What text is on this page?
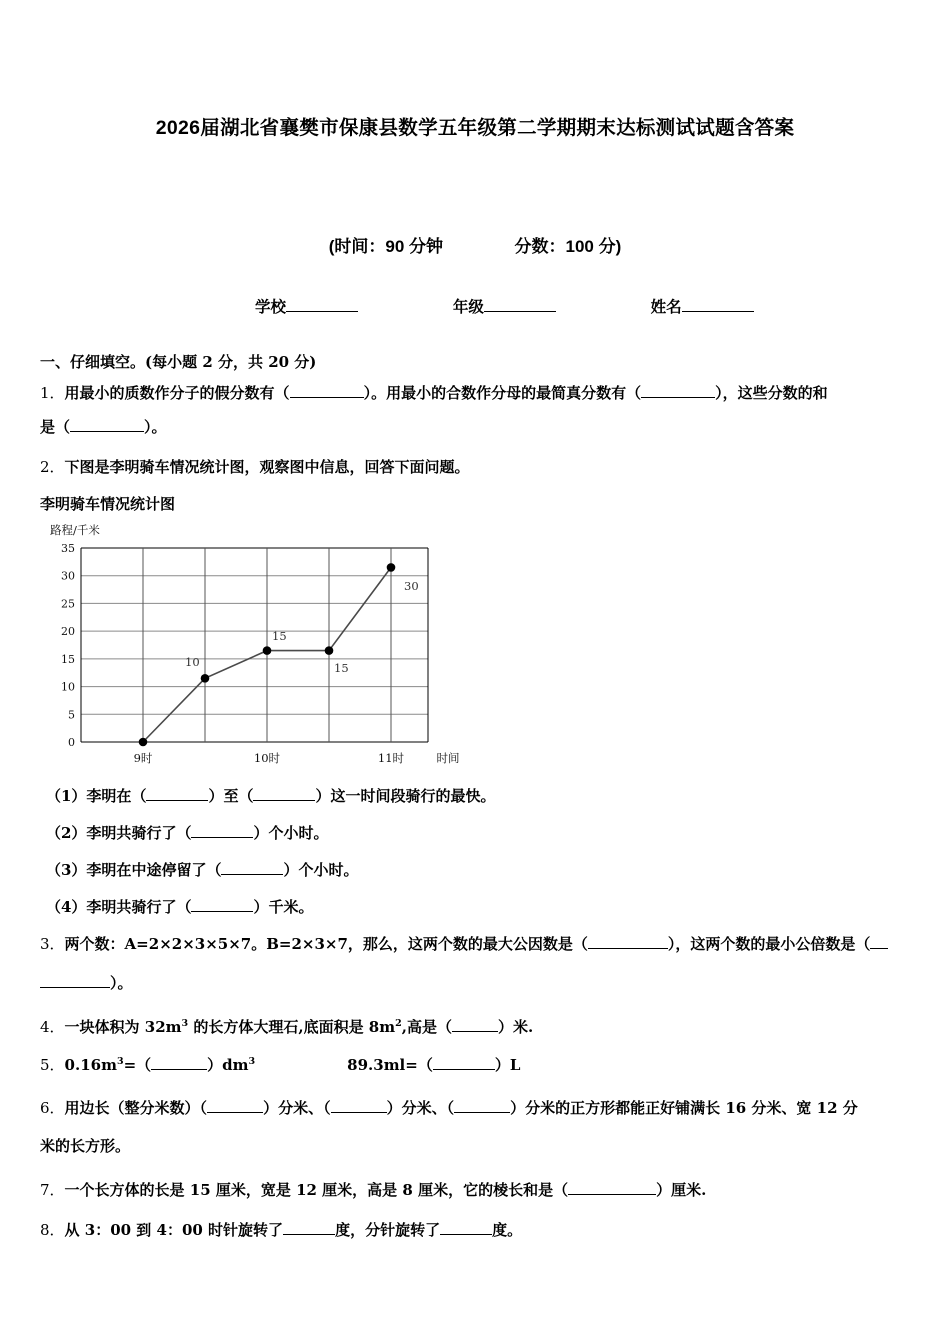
2026届湖北省襄樊市保康县数学五年级第二学期期末达标测试试题含答案
(时间：90 分钟	分数：100 分)
学校	年级	姓名
一、仔细填空。(每小题 2 分，共 20 分)
1．用最小的质数作分子的假分数有（	）。用最小的合数作分母的最简真分数有（	），这些分数的和
是（	）。
2．下图是李明骑车情况统计图，观察图中信息，回答下面问题。
李明骑车情况统计图
0
5
10
15
20
25
30
35
路程/千米
9时	10时	11时	时间
10
15
15
30
（1）李明在（	）至（	）这一时间段骑行的最快。
（2）李明共骑行了（	）个小时。
（3）李明在中途停留了（	）个小时。
（4）李明共骑行了（	）千米。
3．两个数：A=2×2×3×5×7。B=2×3×7，那么，这两个数的最大公因数是（	），这两个数的最小公倍数是（
）。
4．一块体积为 $32m^3$ 的长方体大理石,底面积是 $8m^2$,高是（	）米.
5．$0.16m^3=$（	）$dm^3$	89.3ml=（	）L
6．用边长（整分米数）（	）分米、（	）分米、（	）分米的正方形都能正好铺满长 16 分米、宽 12 分
米的长方形。
7．一个长方体的长是 15 厘米，宽是 12 厘米，高是 8 厘米，它的棱长和是（	）厘米.
8．从 3：00 到 4：00 时针旋转了	度，分针旋转了	度。
